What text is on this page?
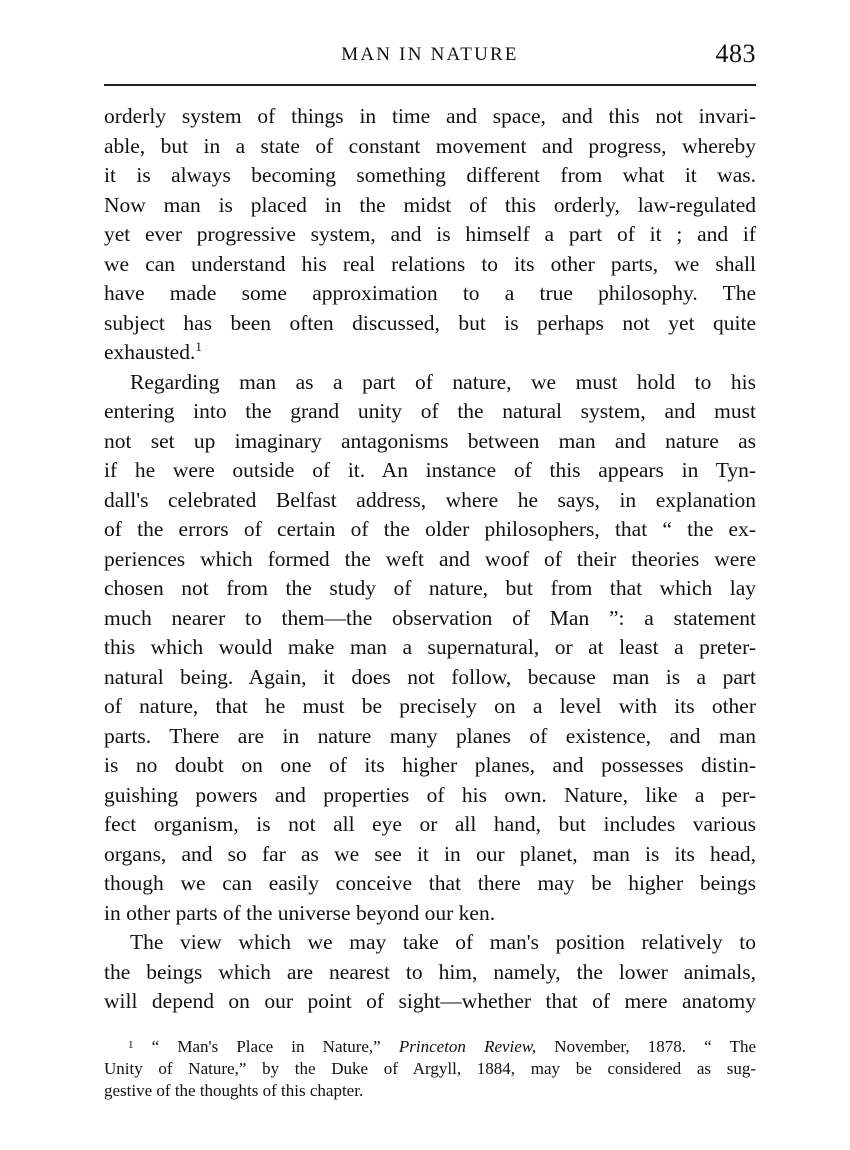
MAN IN NATURE	483
orderly system of things in time and space, and this not invari-
able, but in a state of constant movement and progress, whereby
it is always becoming something different from what it was.
Now man is placed in the midst of this orderly, law-regulated
yet ever progressive system, and is himself a part of it ; and if
we can understand his real relations to its other parts, we shall
have made some approximation to a true philosophy. The
subject has been often discussed, but is perhaps not yet quite
exhausted.$^1$
Regarding man as a part of nature, we must hold to his
entering into the grand unity of the natural system, and must
not set up imaginary antagonisms between man and nature as
if he were outside of it. An instance of this appears in Tyn-
dall's celebrated Belfast address, where he says, in explanation
of the errors of certain of the older philosophers, that “ the ex-
periences which formed the weft and woof of their theories were
chosen not from the study of nature, but from that which lay
much nearer to them—the observation of Man ”: a statement
this which would make man a supernatural, or at least a preter-
natural being. Again, it does not follow, because man is a part
of nature, that he must be precisely on a level with its other
parts. There are in nature many planes of existence, and man
is no doubt on one of its higher planes, and possesses distin-
guishing powers and properties of his own. Nature, like a per-
fect organism, is not all eye or all hand, but includes various
organs, and so far as we see it in our planet, man is its head,
though we can easily conceive that there may be higher beings
in other parts of the universe beyond our ken.
The view which we may take of man's position relatively to
the beings which are nearest to him, namely, the lower animals,
will depend on our point of sight—whether that of mere anatomy
$^1$ “ Man's Place in Nature,” Princeton Review, November, 1878. “ The
Unity of Nature,” by the Duke of Argyll, 1884, may be considered as sug-
gestive of the thoughts of this chapter.
